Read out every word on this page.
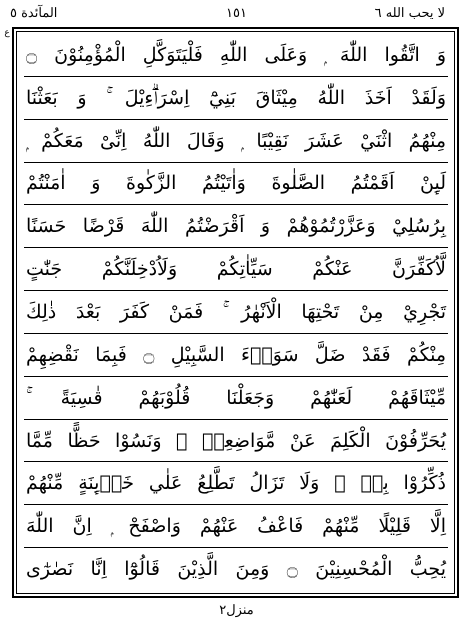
لا يحب الله ٦
١٥١
المآئدة ٥
ع
وَ اتَّقُوا اللّٰهَ ۭ وَعَلَى اللّٰهِ فَلْيَتَوَكَّلِ الْمُؤْمِنُوْنَ ۝
وَلَقَدْ اَخَذَ اللّٰهُ مِيْثَاقَ بَنِيْٓ اِسْرَاۗءِيْلَ ۚ وَ بَعَثْنَا
مِنْهُمُ اثْنَيْ عَشَرَ نَقِيْبًا ۭ وَقَالَ اللّٰهُ اِنِّىْ مَعَكُمْ ۭ
لَىِٕنْ اَقَمْتُمُ الصَّلٰوةَ وَاٰتَيْتُمُ الزَّكٰوةَ وَ اٰمَنْتُمْ
بِرُسُلِيْ وَعَزَّرْتُمُوْهُمْ وَ اَقْرَضْتُمُ اللّٰهَ قَرْضًا حَسَنًا
لَّاُكَفِّرَنَّ عَنْكُمْ سَيِّاٰتِكُمْ وَلَاُدْخِلَنَّكُمْ جَنّٰتٍ
تَجْرِيْ مِنْ تَحْتِهَا الْاَنْهٰرُ ۚ فَمَنْ كَفَرَ بَعْدَ ذٰلِكَ
مِنْكُمْ فَقَدْ ضَلَّ سَوَاۗءَ السَّبِيْلِ ۝ فَبِمَا نَقْضِهِمْ
مِّيْثَاقَهُمْ لَعَنّٰهُمْ وَجَعَلْنَا قُلُوْبَهُمْ قٰسِيَةً ۚ
يُحَرِّفُوْنَ الْكَلِمَ عَنْ مَّوَاضِعِهٖ ۙ وَنَسُوْا حَظًّا مِّمَّا
ذُكِّرُوْا بِهٖ ۚ وَلَا تَزَالُ تَطَّلِعُ عَلٰي خَاۗىِٕنَةٍ مِّنْهُمْ
اِلَّا قَلِيْلًا مِّنْهُمْ فَاعْفُ عَنْهُمْ وَاصْفَحْ ۭ اِنَّ اللّٰهَ
يُحِبُّ الْمُحْسِنِيْنَ ۝ وَمِنَ الَّذِيْنَ قَالُوْٓا اِنَّا نَصٰرٰٓى
منزل٢
